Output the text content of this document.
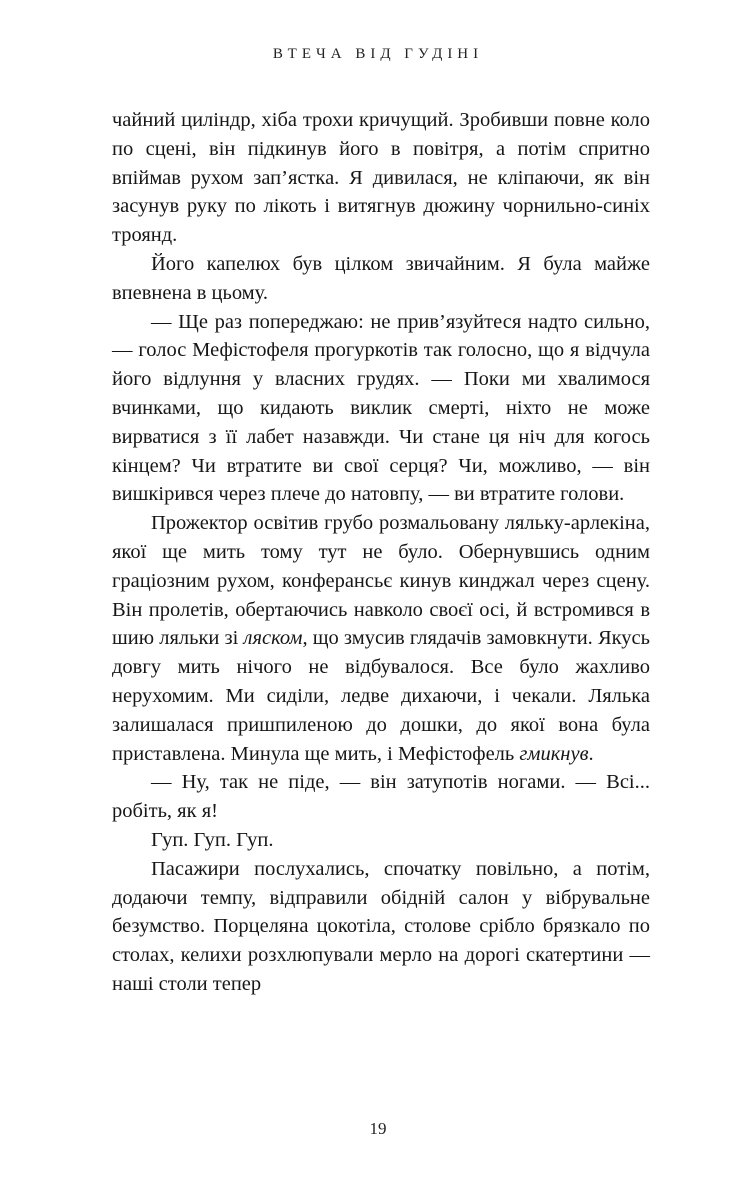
ВТЕЧА ВІД ГУДІНІ

чайний циліндр, хіба трохи кричущий. Зробивши повне коло по сцені, він підкинув його в повітря, а потім спритно впіймав рухом зап’ястка. Я дивилася, не кліпаючи, як він засунув руку по лікоть і витягнув дюжину чорнильно-синіх троянд.

Його капелюх був цілком звичайним. Я була майже впевнена в цьому.

— Ще раз попереджаю: не прив’язуйтеся надто сильно, — голос Мефістофеля прогуркотів так голосно, що я відчула його відлуння у власних грудях. — Поки ми хвалимося вчинками, що кидають виклик смерті, ніхто не може вирватися з її лабет назавжди. Чи стане ця ніч для когось кінцем? Чи втратите ви свої серця? Чи, можливо, — він вишкірився через плече до натовпу, — ви втратите голови.

Прожектор освітив грубо розмальовану ляльку-арлекіна, якої ще мить тому тут не було. Обернувшись одним граціозним рухом, конферансьє кинув кинджал через сцену. Він пролетів, обертаючись навколо своєї осі, й встромився в шию ляльки зі ляском, що змусив глядачів замовкнути. Якусь довгу мить нічого не відбувалося. Все було жахливо нерухомим. Ми сиділи, ледве дихаючи, і чекали. Лялька залишалася пришпиленою до дошки, до якої вона була приставлена. Минула ще мить, і Мефістофель гмикнув.

— Ну, так не піде, — він затупотів ногами. — Всі... робіть, як я!

Гуп. Гуп. Гуп.

Пасажири послухались, спочатку повільно, а потім, додаючи темпу, відправили обідній салон у вібрувальне безумство. Порцеляна цокотіла, столове срібло брязкало по столах, келихи розхлюпували мерло на дорогі скатертини — наші столи тепер

19
